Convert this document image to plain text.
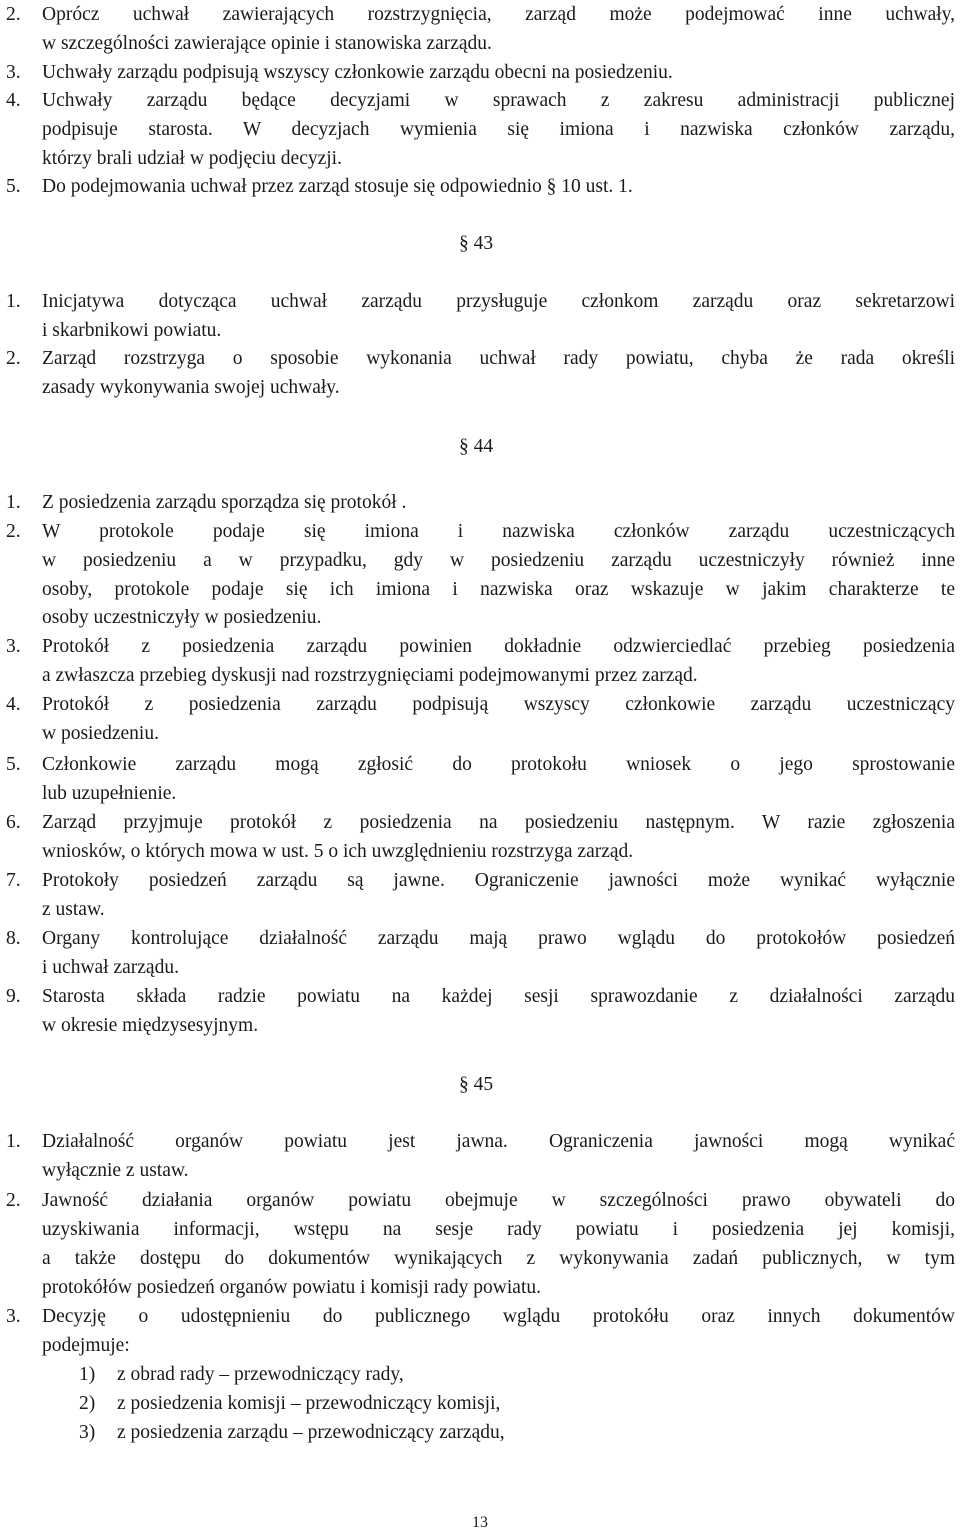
2.	Oprócz uchwał zawierających rozstrzygnięcia, zarząd może podejmować inne uchwały,
w szczególności zawierające opinie i stanowiska zarządu.
3.	Uchwały zarządu podpisują wszyscy członkowie zarządu obecni na posiedzeniu.
4.	Uchwały zarządu będące decyzjami w sprawach z zakresu administracji publicznej
podpisuje starosta. W decyzjach wymienia się imiona i nazwiska członków zarządu,
którzy brali udział w podjęciu decyzji.
5.	Do podejmowania uchwał przez zarząd stosuje się odpowiednio § 10 ust. 1.
§ 43
1.	Inicjatywa dotycząca uchwał zarządu przysługuje członkom zarządu oraz sekretarzowi
i skarbnikowi powiatu.
2.	Zarząd rozstrzyga o sposobie wykonania uchwał rady powiatu, chyba że rada określi
zasady wykonywania swojej uchwały.
§ 44
1.	Z posiedzenia zarządu sporządza się protokół .
2.	W protokole podaje się imiona i nazwiska członków zarządu uczestniczących
w posiedzeniu a w przypadku, gdy w posiedzeniu zarządu uczestniczyły również inne
osoby, protokole podaje się ich imiona i nazwiska oraz wskazuje w jakim charakterze te
osoby uczestniczyły w posiedzeniu.
3.	Protokół z posiedzenia zarządu powinien dokładnie odzwierciedlać przebieg posiedzenia
a zwłaszcza przebieg dyskusji nad rozstrzygnięciami podejmowanymi przez zarząd.
4.	Protokół z posiedzenia zarządu podpisują wszyscy członkowie zarządu uczestniczący
w posiedzeniu.
5.	Członkowie zarządu mogą zgłosić do protokołu wniosek o jego sprostowanie
lub uzupełnienie.
6.	Zarząd przyjmuje protokół z posiedzenia na posiedzeniu następnym. W razie zgłoszenia
wniosków, o których mowa w ust. 5 o ich uwzględnieniu rozstrzyga zarząd.
7.	Protokoły posiedzeń zarządu są jawne. Ograniczenie jawności może wynikać wyłącznie
z ustaw.
8.	Organy kontrolujące działalność zarządu mają prawo wglądu do protokołów posiedzeń
i uchwał zarządu.
9.	Starosta składa radzie powiatu na każdej sesji sprawozdanie z działalności zarządu
w okresie międzysesyjnym.
§ 45
1.	Działalność organów powiatu jest jawna. Ograniczenia jawności mogą wynikać
wyłącznie z ustaw.
2.	Jawność działania organów powiatu obejmuje w szczególności prawo obywateli do
uzyskiwania informacji, wstępu na sesje rady powiatu i posiedzenia jej komisji,
a także dostępu do dokumentów wynikających z wykonywania zadań publicznych, w tym
protokółów posiedzeń organów powiatu i komisji rady powiatu.
3.	Decyzję o udostępnieniu do publicznego wglądu protokółu oraz innych dokumentów
podejmuje:
1)	z obrad rady – przewodniczący rady,
2)	z posiedzenia komisji – przewodniczący komisji,
3)	z posiedzenia zarządu – przewodniczący zarządu,
13
